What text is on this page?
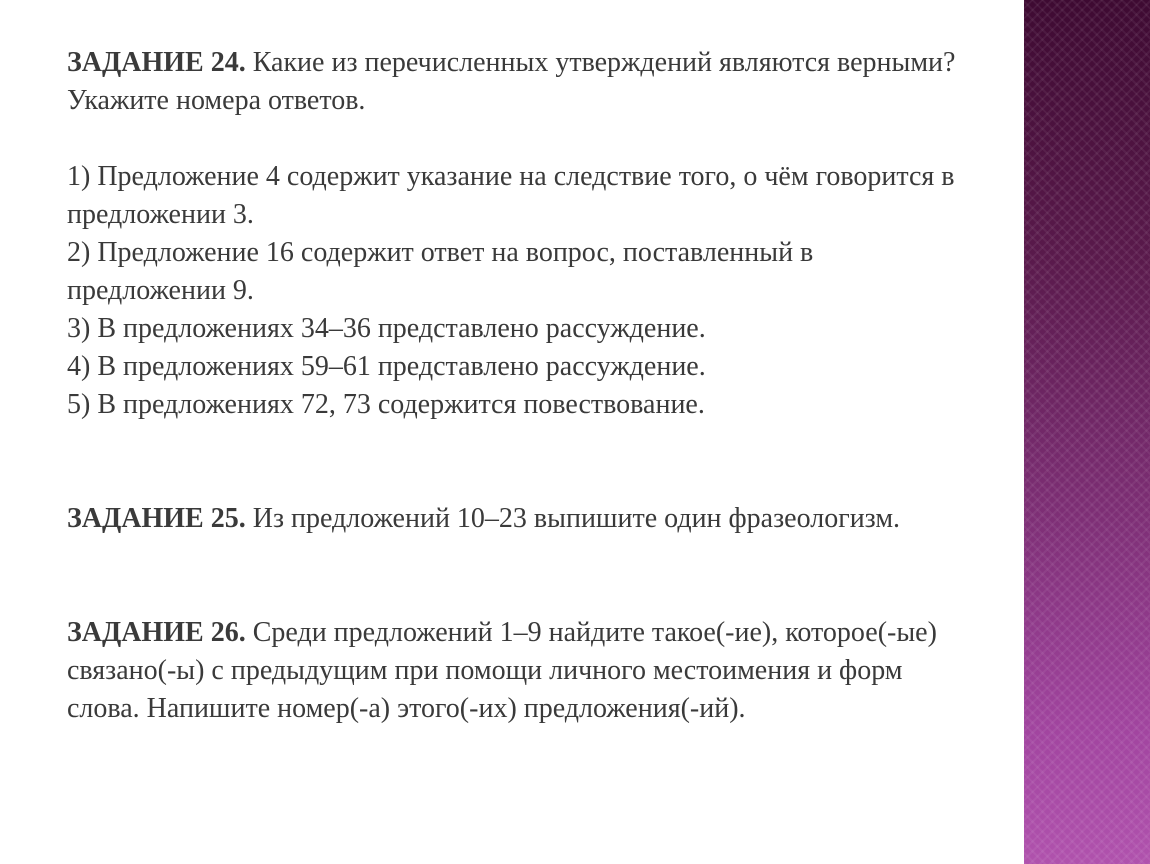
ЗАДАНИЕ 24. Какие из перечисленных утверждений являются верными? Укажите номера ответов.

1) Предложение 4 содержит указание на следствие того, о чём говорится в предложении 3.
2) Предложение 16 содержит ответ на вопрос, поставленный в предложении 9.
3) В предложениях 34–36 представлено рассуждение.
4) В предложениях 59–61 представлено рассуждение.
5) В предложениях 72, 73 содержится повествование.

ЗАДАНИЕ 25. Из предложений 10–23 выпишите один фразеологизм.

ЗАДАНИЕ 26. Среди предложений 1–9 найдите такое(-ие), которое(-ые) связано(-ы) с предыдущим при помощи личного местоимения и форм слова. Напишите номер(-а) этого(-их) предложения(-ий).
